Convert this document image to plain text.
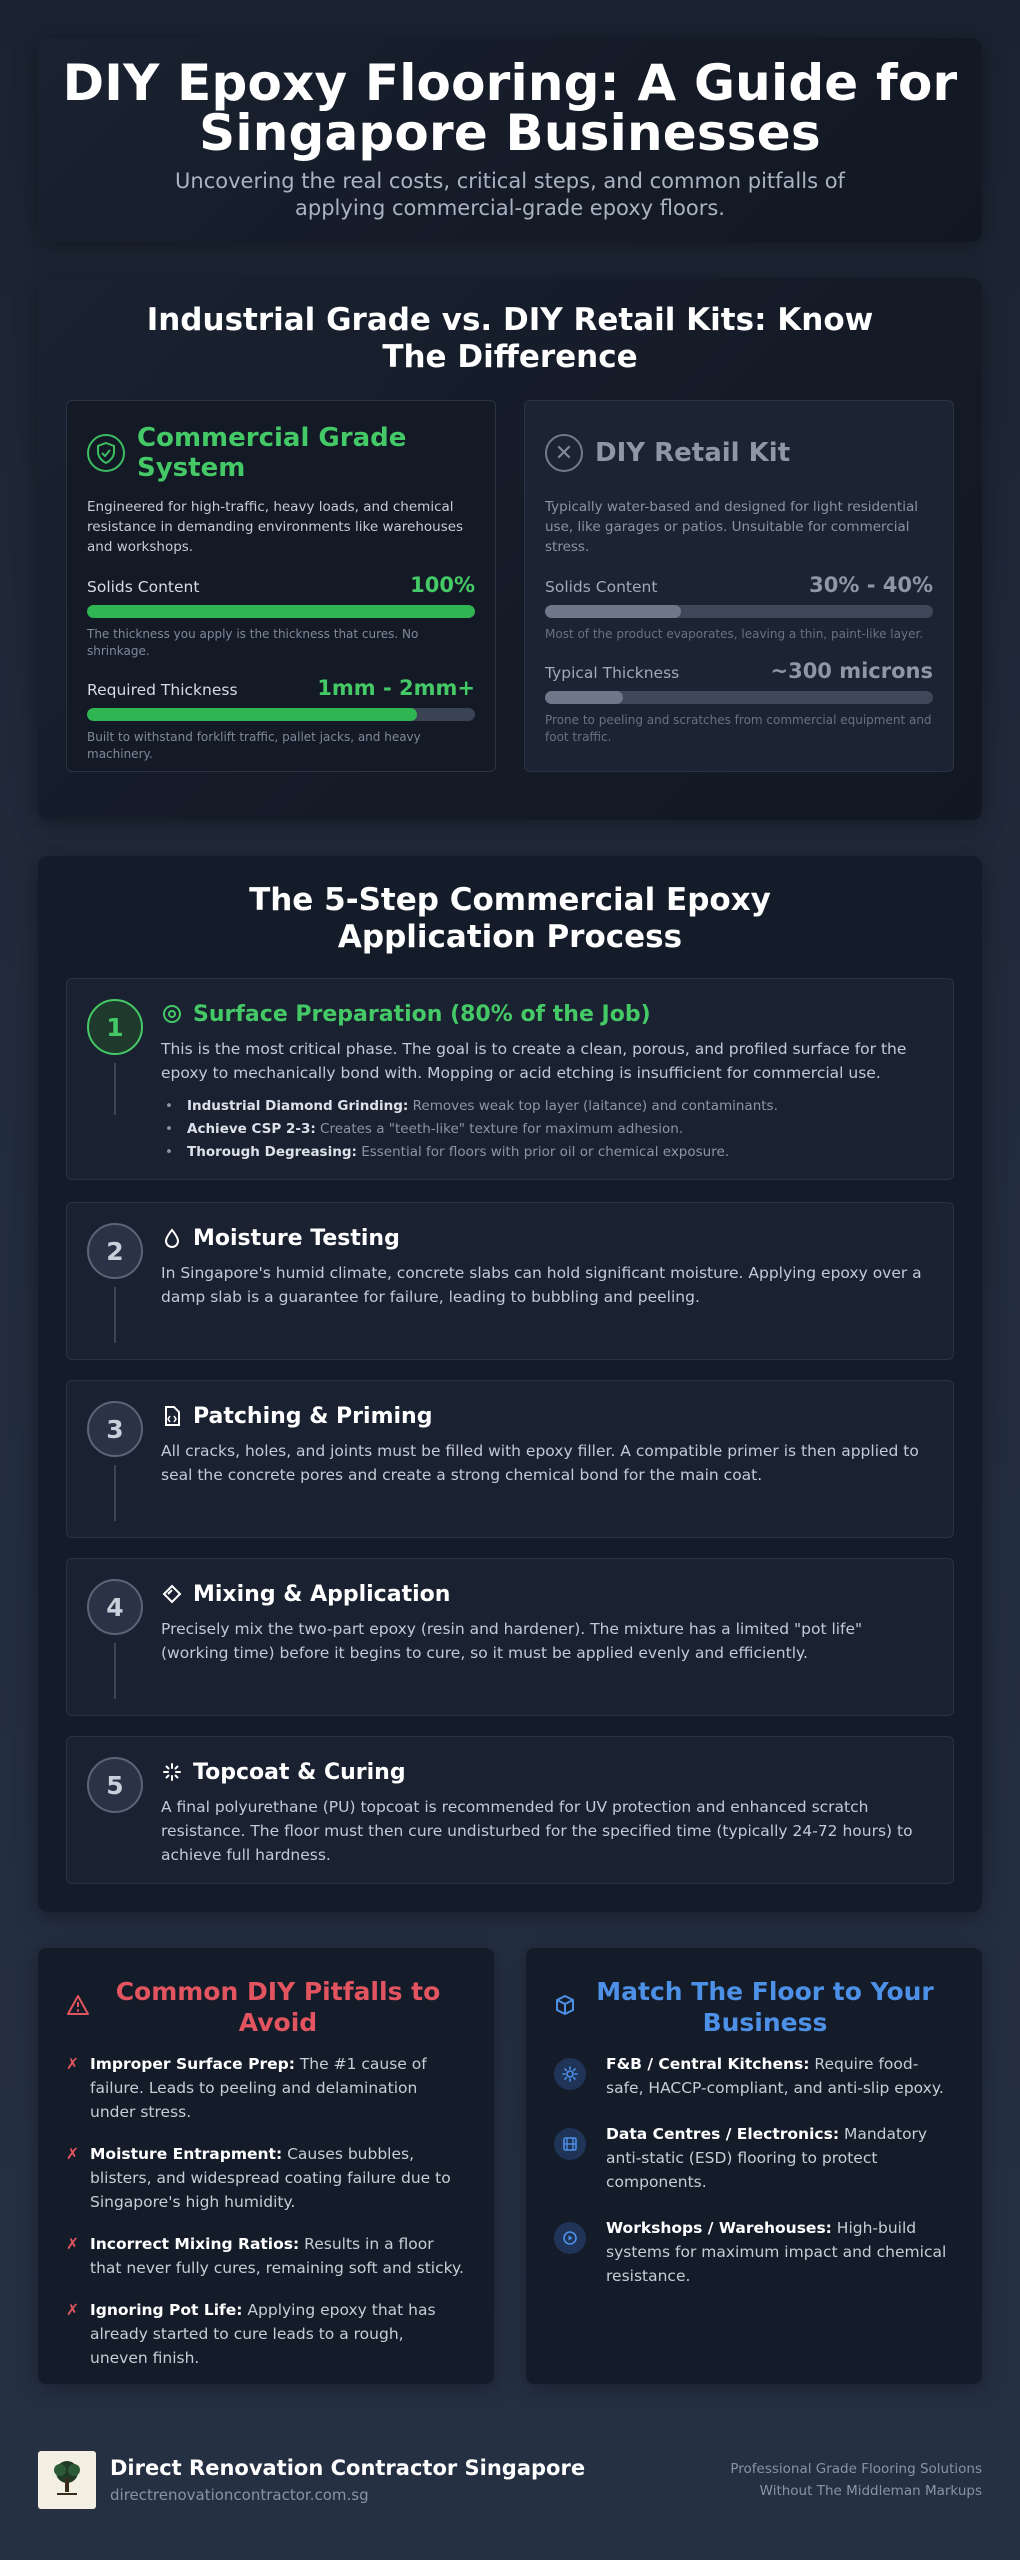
DIY Epoxy Flooring: A Guide for Singapore Businesses

Uncovering the real costs, critical steps, and common pitfalls of applying commercial-grade epoxy floors.

Industrial Grade vs. DIY Retail Kits: Know The Difference
Commercial Grade System

Engineered for high-traffic, heavy loads, and chemical resistance in demanding environments like warehouses and workshops.

Solids Content	100%

The thickness you apply is the thickness that cures. No shrinkage.

Required Thickness	1mm - 2mm+

Built to withstand forklift traffic, pallet jacks, and heavy machinery.

✕ DIY Retail Kit

Typically water-based and designed for light residential use, like garages or patios. Unsuitable for commercial stress.

Solids Content	30% - 40%

Most of the product evaporates, leaving a thin, paint-like layer.

Typical Thickness	~300 microns

Prone to peeling and scratches from commercial equipment and foot traffic.

The 5-Step Commercial Epoxy Application Process
1	Surface Preparation (80% of the Job)

This is the most critical phase. The goal is to create a clean, porous, and profiled surface for the epoxy to mechanically bond with. Mopping or acid etching is insufficient for commercial use.

• Industrial Diamond Grinding: Removes weak top layer (laitance) and contaminants.
• Achieve CSP 2-3: Creates a "teeth-like" texture for maximum adhesion.
• Thorough Degreasing: Essential for floors with prior oil or chemical exposure.
2	Moisture Testing

In Singapore's humid climate, concrete slabs can hold significant moisture. Applying epoxy over a damp slab is a guarantee for failure, leading to bubbling and peeling.

3	Patching & Priming

All cracks, holes, and joints must be filled with epoxy filler. A compatible primer is then applied to seal the concrete pores and create a strong chemical bond for the main coat.

4	Mixing & Application

Precisely mix the two-part epoxy (resin and hardener). The mixture has a limited "pot life" (working time) before it begins to cure, so it must be applied evenly and efficiently.

5	Topcoat & Curing

A final polyurethane (PU) topcoat is recommended for UV protection and enhanced scratch resistance. The floor must then cure undisturbed for the specified time (typically 24-72 hours) to achieve full hardness.

Common DIY Pitfalls to Avoid
✗ Improper Surface Prep: The #1 cause of failure. Leads to peeling and delamination under stress.
✗ Moisture Entrapment: Causes bubbles, blisters, and widespread coating failure due to Singapore's high humidity.
✗ Incorrect Mixing Ratios: Results in a floor that never fully cures, remaining soft and sticky.
✗ Ignoring Pot Life: Applying epoxy that has already started to cure leads to a rough, uneven finish.
Match The Floor to Your Business
F&B / Central Kitchens: Require food-safe, HACCP-compliant, and anti-slip epoxy.
Data Centres / Electronics: Mandatory anti-static (ESD) flooring to protect components.
Workshops / Warehouses: High-build systems for maximum impact and chemical resistance.
Direct Renovation Contractor Singapore
directrenovationcontractor.com.sg
Professional Grade Flooring Solutions
Without The Middleman Markups
